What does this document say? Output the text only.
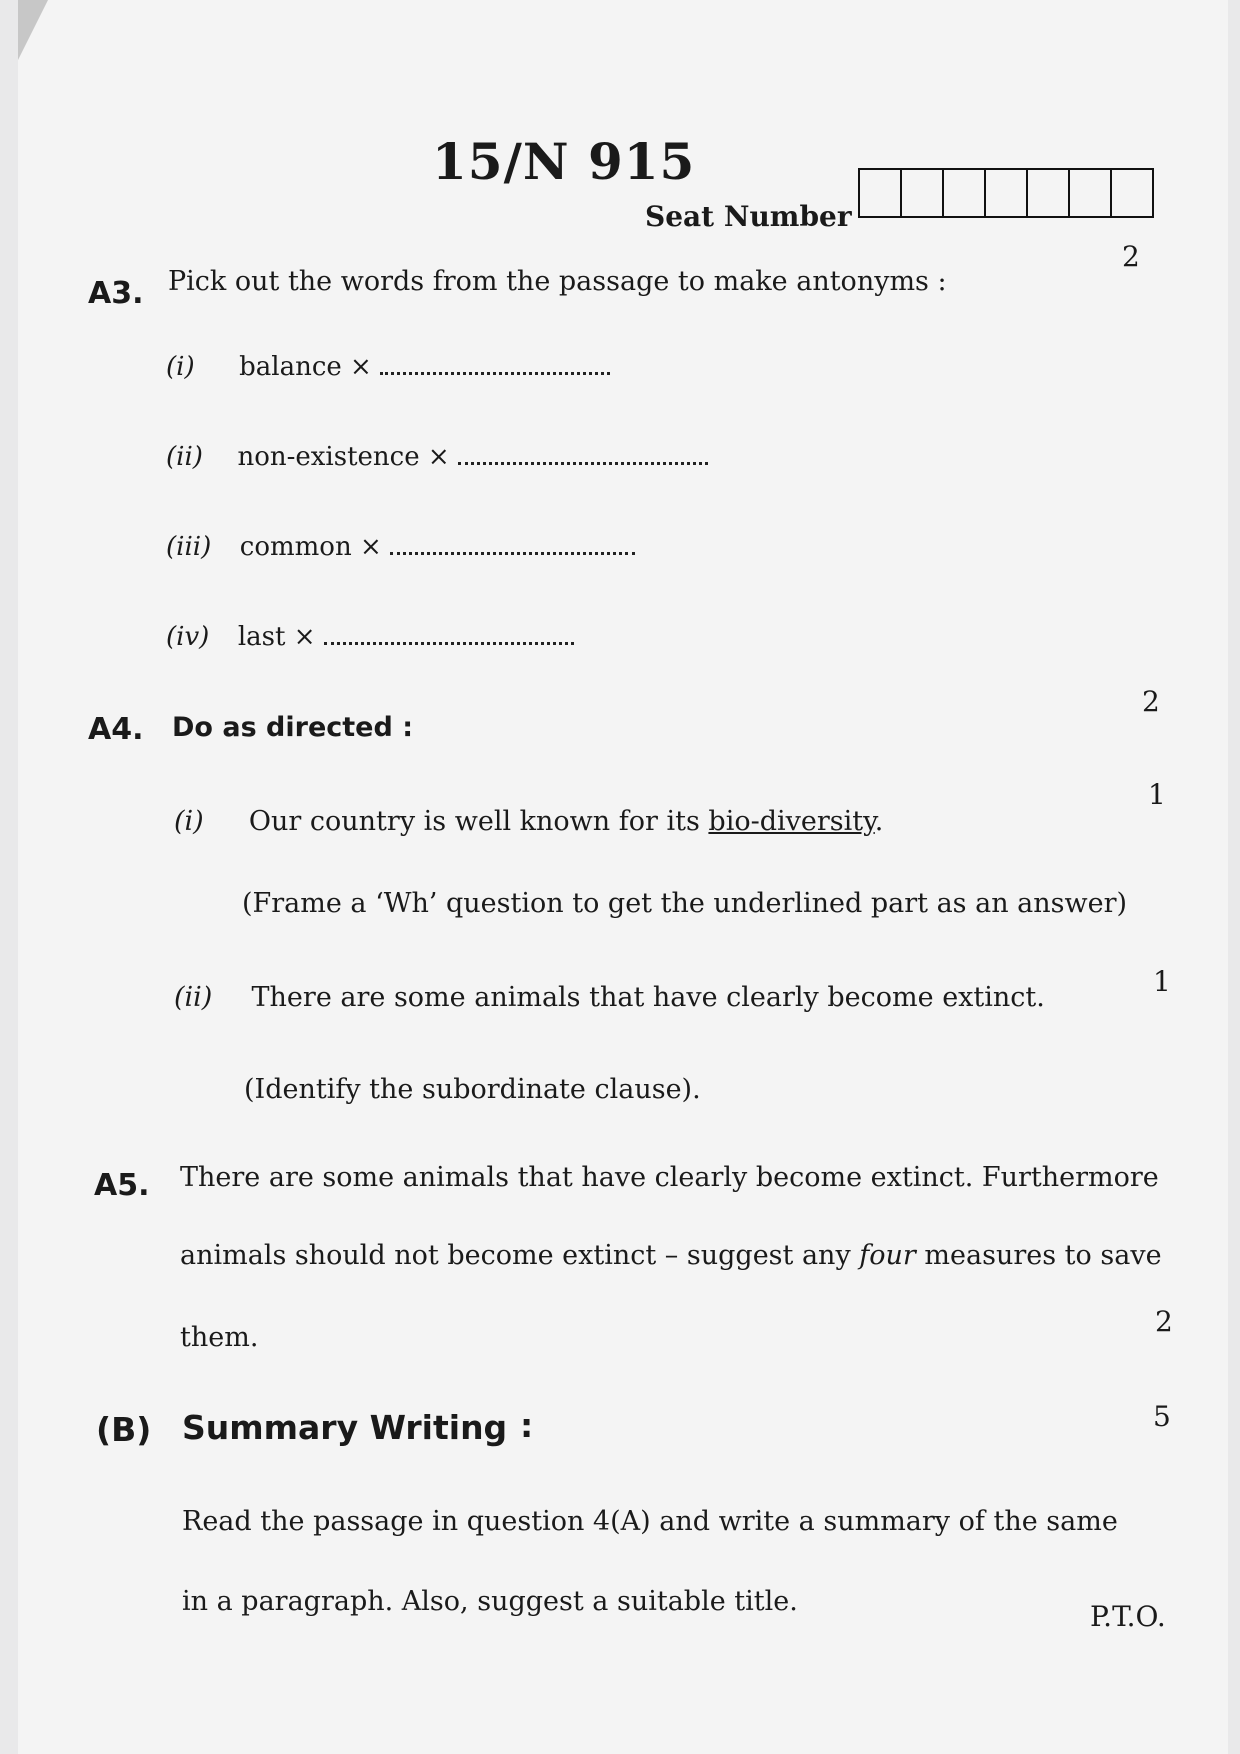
15/N 915
Seat Number
A3. Pick out the words from the passage to make antonyms :
2
(i) balance ×
(ii) non-existence ×
(iii) common ×
(iv) last ×
A4. Do as directed :
2
(i) Our country is well known for its bio-diversity.
1
(Frame a ‘Wh’ question to get the underlined part as an answer)
(ii) There are some animals that have clearly become extinct.	1
(Identify the subordinate clause).
A5. There are some animals that have clearly become extinct. Furthermore
animals should not become extinct – suggest any four measures to save
them.	2
(B) Summary Writing :	5
Read the passage in question 4(A) and write a summary of the same
in a paragraph. Also, suggest a suitable title.	P.T.O.
